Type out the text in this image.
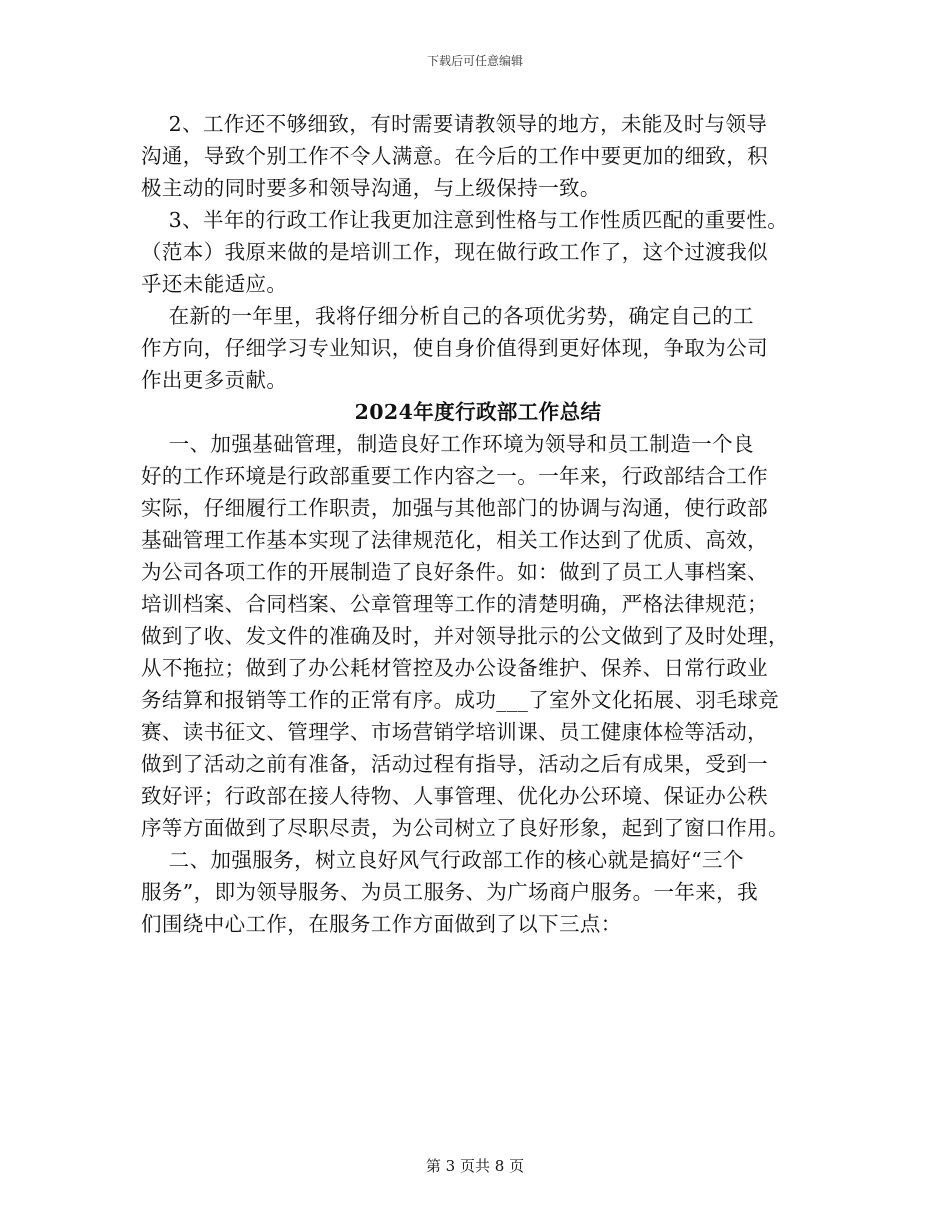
下载后可任意编辑
2、工作还不够细致，有时需要请教领导的地方，未能及时与领导
沟通，导致个别工作不令人满意。在今后的工作中要更加的细致，积
极主动的同时要多和领导沟通，与上级保持一致。
3、半年的行政工作让我更加注意到性格与工作性质匹配的重要性。
（范本）我原来做的是培训工作，现在做行政工作了，这个过渡我似
乎还未能适应。
在新的一年里，我将仔细分析自己的各项优劣势，确定自己的工
作方向，仔细学习专业知识，使自身价值得到更好体现，争取为公司
作出更多贡献。
2024年度行政部工作总结
一、加强基础管理，制造良好工作环境为领导和员工制造一个良
好的工作环境是行政部重要工作内容之一。一年来，行政部结合工作
实际，仔细履行工作职责，加强与其他部门的协调与沟通，使行政部
基础管理工作基本实现了法律规范化，相关工作达到了优质、高效，
为公司各项工作的开展制造了良好条件。如：做到了员工人事档案、
培训档案、合同档案、公章管理等工作的清楚明确，严格法律规范；
做到了收、发文件的准确及时，并对领导批示的公文做到了及时处理，
从不拖拉；做到了办公耗材管控及办公设备维护、保养、日常行政业
务结算和报销等工作的正常有序。成功___了室外文化拓展、羽毛球竞
赛、读书征文、管理学、市场营销学培训课、员工健康体检等活动，
做到了活动之前有准备，活动过程有指导，活动之后有成果，受到一
致好评；行政部在接人待物、人事管理、优化办公环境、保证办公秩
序等方面做到了尽职尽责，为公司树立了良好形象，起到了窗口作用。
二、加强服务，树立良好风气行政部工作的核心就是搞好“三个
服务”，即为领导服务、为员工服务、为广场商户服务。一年来，我
们围绕中心工作，在服务工作方面做到了以下三点：
第 3 页共 8 页
